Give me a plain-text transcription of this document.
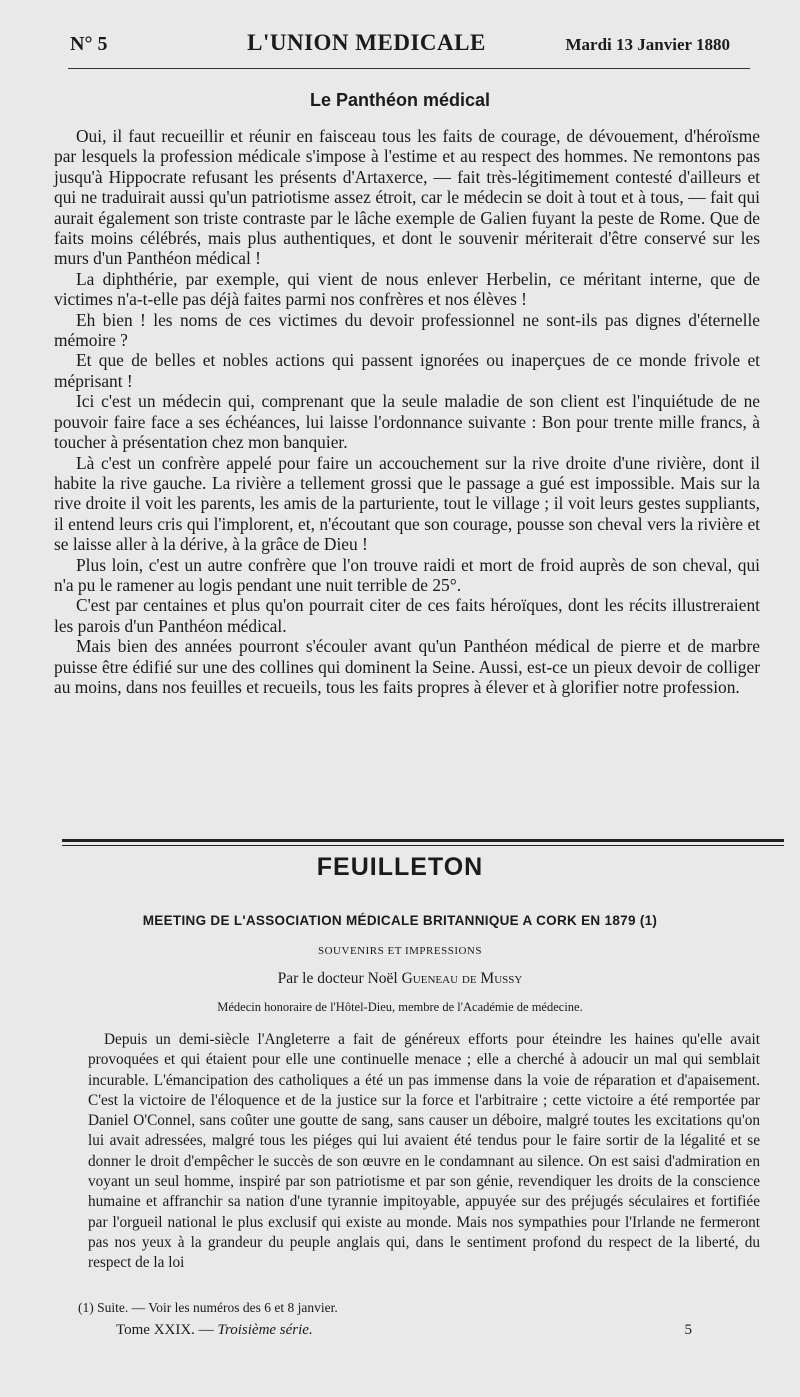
N° 5	L'UNION MEDICALE	Mardi 13 Janvier 1880
Le Panthéon médical

Oui, il faut recueillir et réunir en faisceau tous les faits de courage, de dévouement, d'héroïsme par lesquels la profession médicale s'impose à l'estime et au respect des hommes. Ne remontons pas jusqu'à Hippocrate refusant les présents d'Artaxerce, — fait très-légitimement contesté d'ailleurs et qui ne traduirait aussi qu'un patriotisme assez étroit, car le médecin se doit à tout et à tous, — fait qui aurait également son triste contraste par le lâche exemple de Galien fuyant la peste de Rome. Que de faits moins célébrés, mais plus authentiques, et dont le souvenir mériterait d'être conservé sur les murs d'un Panthéon médical !

La diphthérie, par exemple, qui vient de nous enlever Herbelin, ce méritant interne, que de victimes n'a-t-elle pas déjà faites parmi nos confrères et nos élèves !

Eh bien ! les noms de ces victimes du devoir professionnel ne sont-ils pas dignes d'éternelle mémoire ?

Et que de belles et nobles actions qui passent ignorées ou inaperçues de ce monde frivole et méprisant !

Ici c'est un médecin qui, comprenant que la seule maladie de son client est l'inquiétude de ne pouvoir faire face a ses échéances, lui laisse l'ordonnance suivante : Bon pour trente mille francs, à toucher à présentation chez mon banquier.

Là c'est un confrère appelé pour faire un accouchement sur la rive droite d'une rivière, dont il habite la rive gauche. La rivière a tellement grossi que le passage a gué est impossible. Mais sur la rive droite il voit les parents, les amis de la parturiente, tout le village ; il voit leurs gestes suppliants, il entend leurs cris qui l'implorent, et, n'écoutant que son courage, pousse son cheval vers la rivière et se laisse aller à la dérive, à la grâce de Dieu !

Plus loin, c'est un autre confrère que l'on trouve raidi et mort de froid auprès de son cheval, qui n'a pu le ramener au logis pendant une nuit terrible de 25°.

C'est par centaines et plus qu'on pourrait citer de ces faits héroïques, dont les récits illustreraient les parois d'un Panthéon médical.

Mais bien des années pourront s'écouler avant qu'un Panthéon médical de pierre et de marbre puisse être édifié sur une des collines qui dominent la Seine. Aussi, est-ce un pieux devoir de colliger au moins, dans nos feuilles et recueils, tous les faits propres à élever et à glorifier notre profession.

FEUILLETON
MEETING DE L'ASSOCIATION MÉDICALE BRITANNIQUE A CORK EN 1879 (1)
SOUVENIRS ET IMPRESSIONS
Par le docteur Noël Gueneau de Mussy
Médecin honoraire de l'Hôtel-Dieu, membre de l'Académie de médecine.

Depuis un demi-siècle l'Angleterre a fait de généreux efforts pour éteindre les haines qu'elle avait provoquées et qui étaient pour elle une continuelle menace ; elle a cherché à adoucir un mal qui semblait incurable. L'émancipation des catholiques a été un pas immense dans la voie de réparation et d'apaisement. C'est la victoire de l'éloquence et de la justice sur la force et l'arbitraire ; cette victoire a été remportée par Daniel O'Connel, sans coûter une goutte de sang, sans causer un déboire, malgré toutes les excitations qu'on lui avait adressées, malgré tous les piéges qui lui avaient été tendus pour le faire sortir de la légalité et se donner le droit d'empêcher le succès de son œuvre en le condamnant au silence. On est saisi d'admiration en voyant un seul homme, inspiré par son patriotisme et par son génie, revendiquer les droits de la conscience humaine et affranchir sa nation d'une tyrannie impitoyable, appuyée sur des préjugés séculaires et fortifiée par l'orgueil national le plus exclusif qui existe au monde. Mais nos sympathies pour l'Irlande ne fermeront pas nos yeux à la grandeur du peuple anglais qui, dans le sentiment profond du respect de la liberté, du respect de la loi

(1) Suite. — Voir les numéros des 6 et 8 janvier.
Tome XXIX. — Troisième série.	5
